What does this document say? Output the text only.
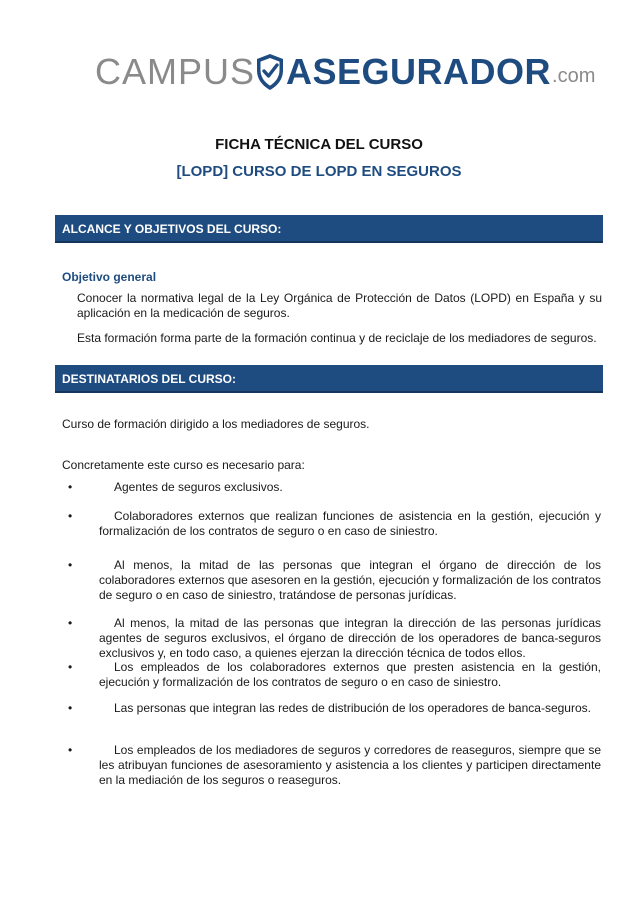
CAMPUS ASEGURADOR .com
FICHA TÉCNICA DEL CURSO
[LOPD] CURSO DE LOPD EN SEGUROS
ALCANCE Y OBJETIVOS DEL CURSO:
Objetivo general
Conocer la normativa legal de la Ley Orgánica de Protección de Datos (LOPD) en España y su aplicación en la medicación de seguros.
Esta formación forma parte de la formación continua y de reciclaje de los mediadores de seguros.
DESTINATARIOS DEL CURSO:
Curso de formación dirigido a los mediadores de seguros.
Concretamente este curso es necesario para:
•	Agentes de seguros exclusivos.
•	Colaboradores externos que realizan funciones de asistencia en la gestión, ejecución y formalización de los contratos de seguro o en caso de siniestro.
•	Al menos, la mitad de las personas que integran el órgano de dirección de los colaboradores externos que asesoren en la gestión, ejecución y formalización de los contratos de seguro o en caso de siniestro, tratándose de personas jurídicas.
•	Al menos, la mitad de las personas que integran la dirección de las personas jurídicas agentes de seguros exclusivos, el órgano de dirección de los operadores de banca-seguros exclusivos y, en todo caso, a quienes ejerzan la dirección técnica de todos ellos.
•	Los empleados de los colaboradores externos que presten asistencia en la gestión, ejecución y formalización de los contratos de seguro o en caso de siniestro.
•	Las personas que integran las redes de distribución de los operadores de banca-seguros.
•	Los empleados de los mediadores de seguros y corredores de reaseguros, siempre que se les atribuyan funciones de asesoramiento y asistencia a los clientes y participen directamente en la mediación de los seguros o reaseguros.
